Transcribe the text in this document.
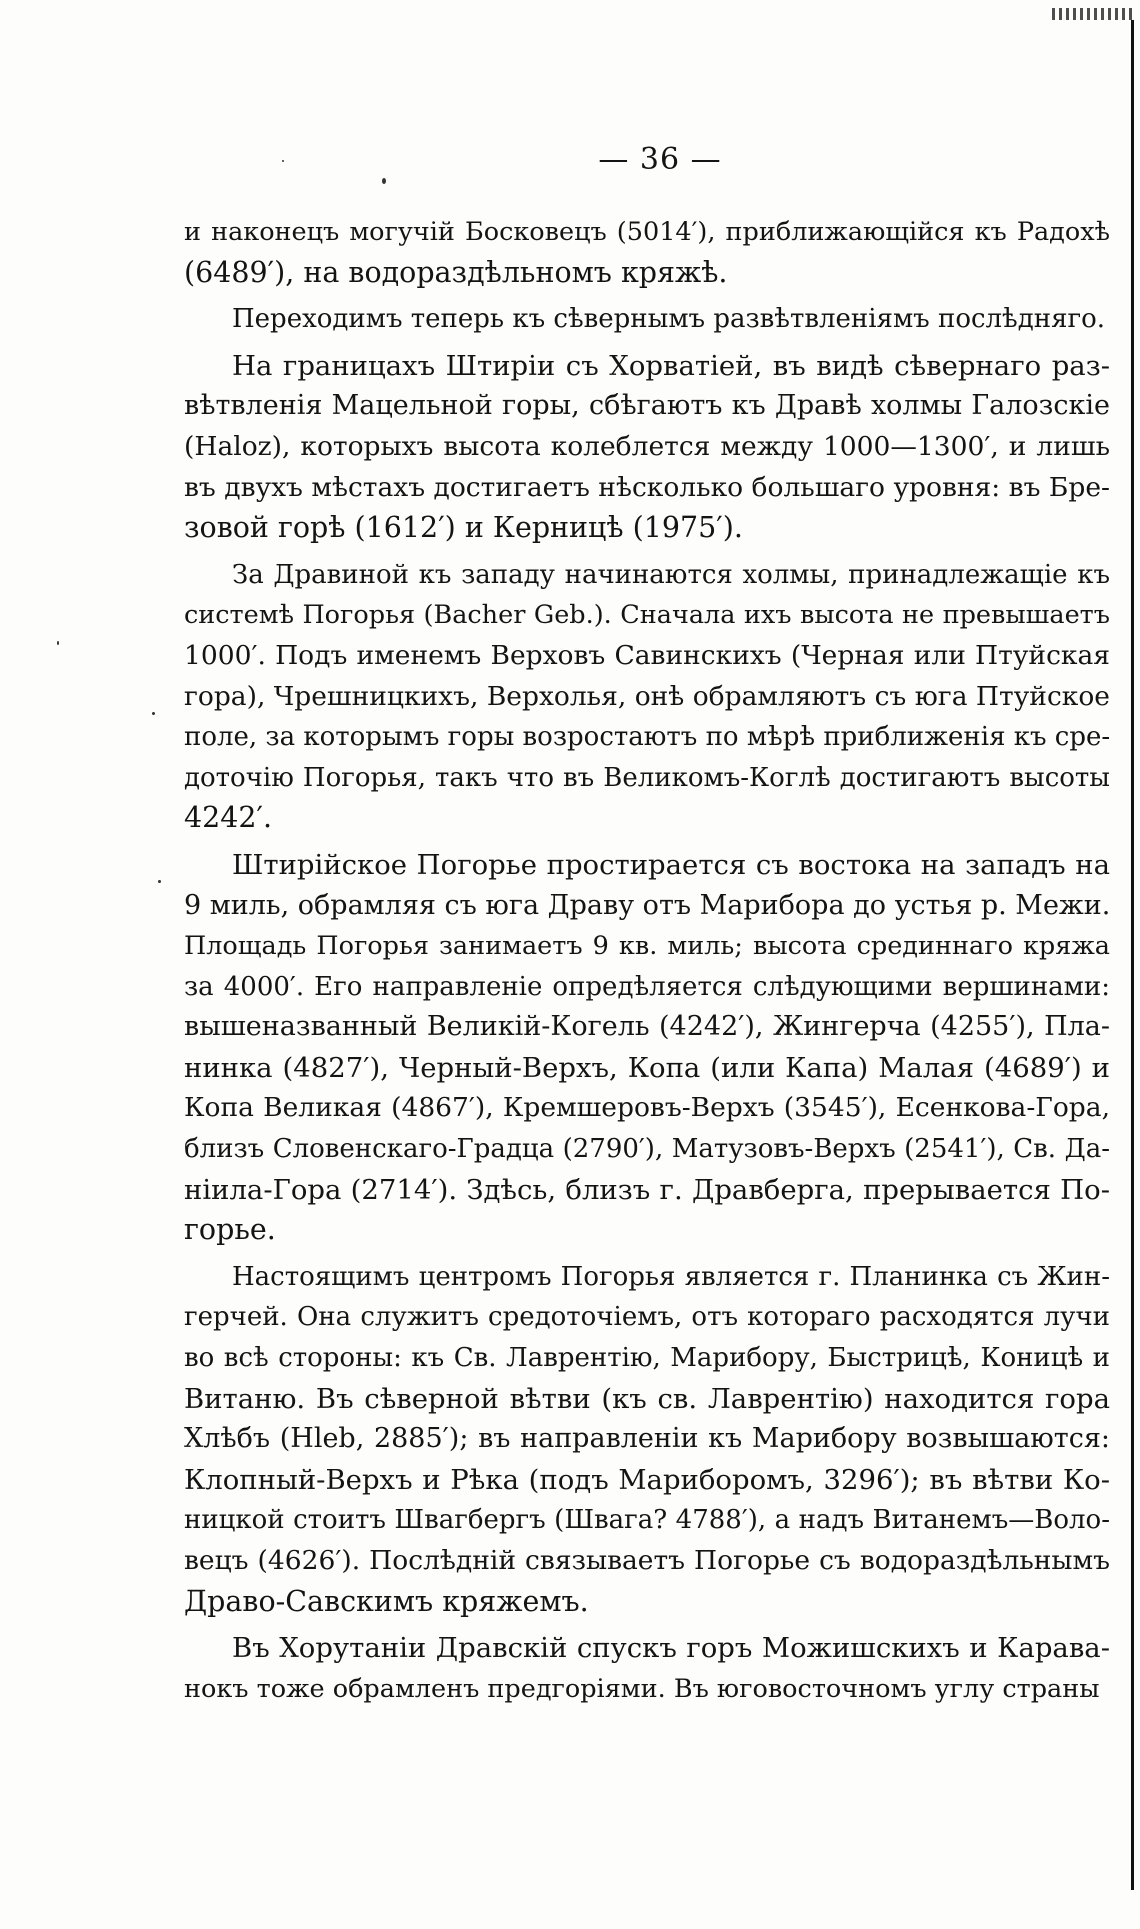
— 36 —
и наконецъ могучій Босковецъ (5014′), приближающійся къ Радохѣ
(6489′), на водораздѣльномъ кряжѣ.
Переходимъ теперь къ сѣвернымъ развѣтвленіямъ послѣдняго.
На границахъ Штиріи съ Хорватіей, въ видѣ сѣвернаго раз-
вѣтвленія Мацельной горы, сбѣгаютъ къ Дравѣ холмы Галозскіе
(Haloz), которыхъ высота колеблется между 1000—1300′, и лишь
въ двухъ мѣстахъ достигаетъ нѣсколько большаго уровня: въ Бре-
зовой горѣ (1612′) и Керницѣ (1975′).
За Дравиной къ западу начинаются холмы, принадлежащіе къ
системѣ Погорья (Bacher Geb.). Сначала ихъ высота не превышаетъ
1000′. Подъ именемъ Верховъ Савинскихъ (Черная или Птуйская
гора), Чрешницкихъ, Верхолья, онѣ обрамляютъ съ юга Птуйское
поле, за которымъ горы возростаютъ по мѣрѣ приближенія къ сре-
доточію Погорья, такъ что въ Великомъ-Коглѣ достигаютъ высоты
4242′.
Штирійское Погорье простирается съ востока на западъ на
9 миль, обрамляя съ юга Драву отъ Марибора до устья р. Межи.
Площадь Погорья занимаетъ 9 кв. миль; высота срединнаго кряжа
за 4000′. Его направленіе опредѣляется слѣдующими вершинами:
вышеназванный Великій-Когель (4242′), Жингерча (4255′), Пла-
нинка (4827′), Черный-Верхъ, Копа (или Капа) Малая (4689′) и
Копа Великая (4867′), Кремшеровъ-Верхъ (3545′), Есенкова-Гора,
близъ Словенскаго-Градца (2790′), Матузовъ-Верхъ (2541′), Св. Да-
ніила-Гора (2714′). Здѣсь, близъ г. Дравберга, прерывается По-
горье.
Настоящимъ центромъ Погорья является г. Планинка съ Жин-
герчей. Она служитъ средоточіемъ, отъ котораго расходятся лучи
во всѣ стороны: къ Св. Лаврентію, Марибору, Быстрицѣ, Коницѣ и
Витаню. Въ сѣверной вѣтви (къ св. Лаврентію) находится гора
Хлѣбъ (Hleb, 2885′); въ направленіи къ Марибору возвышаются:
Клопный-Верхъ и Рѣка (подъ Мариборомъ, 3296′); въ вѣтви Ко-
ницкой стоитъ Швагбергъ (Швага? 4788′), а надъ Витанемъ—Воло-
вецъ (4626′). Послѣдній связываетъ Погорье съ водораздѣльнымъ
Драво-Савскимъ кряжемъ.
Въ Хорутаніи Дравскій спускъ горъ Можишскихъ и Карава-
нокъ тоже обрамленъ предгоріями. Въ юговосточномъ углу страны
